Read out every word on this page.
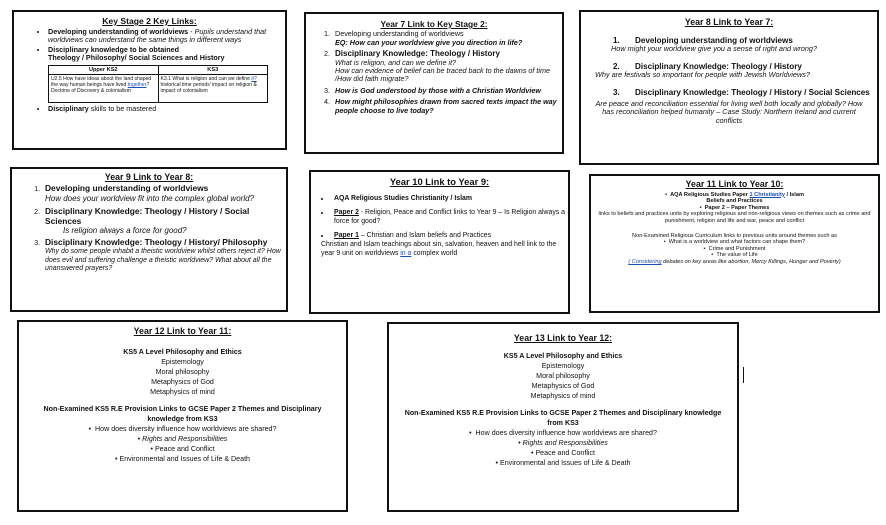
Key Stage 2 Key Links:
• Developing understanding of worldviews - Pupils understand that worldviews can understand the same things in different ways
• Disciplinary knowledge to be obtained
Theology / Philosophy/ Social Sciences and History
Upper KS2	KS3
U2.5 How have ideas about the land shaped the way human beings have lived together? Doctrine of Discovery & colonialism	K3.1 What is religion and can we define it? historical time periods' impact on religion & impact of colonialism
• Disciplinary skills to be mastered
Year 7 Link to Key Stage 2:
1. Developing understanding of worldviews
EQ: How can your worldview give you direction in life?
2. Disciplinary Knowledge: Theology / History
What is religion, and can we define it?
How can evidence of belief can be traced back to the dawns of time /How did faith migrate?
3. How is God understood by those with a Christian Worldview
4. How might philosophies drawn from sacred texts impact the way people choose to live today?
Year 8 Link to Year 7:
1. Developing understanding of worldviews
How might your worldview give you a sense of right and wrong?
2. Disciplinary Knowledge: Theology / History
Why are festivals so important for people with Jewish Worldviews?
3. Disciplinary Knowledge: Theology / History / Social Sciences
Are peace and reconciliation essential for living well both locally and globally? How has reconciliation helped humanity – Case Study: Northern Ireland and current conflicts
Year 9 Link to Year 8:
1. Developing understanding of worldviews
How does your worldview fit into the complex global world?
2. Disciplinary Knowledge: Theology / History / Social Sciences
Is religion always a force for good?
3. Disciplinary Knowledge: Theology / History/ Philosophy
Why do some people inhabit a theistic worldview whilst others reject it? How does evil and suffering challenge a theistic worldview? What about all the unanswered prayers?
Year 10 Link to Year 9:
• AQA Religious Studies Christianity / Islam
• Paper 2 - Religion, Peace and Conflict links to Year 9 – Is Religion always a force for good?
• Paper 1 – Christian and Islam beliefs and Practices
Christian and Islam teachings about sin, salvation, heaven and hell link to the year 9 unit on worldviews in a complex world
Year 11 Link to Year 10:
•  AQA Religious Studies Paper 1 Christianity / Islam
Beliefs and Practices
•  Paper 2 – Paper Themes
links to beliefs and practices units by exploring religious and non-religious views on themes such as crime and punishment, religion and life and war, peace and conflict
Non-Examined Religious Curriculum links to previous units around themes such as
•  What is a worldview and what factors can shape them?
•  Crime and Punishment
•  The value of Life
( Considering debates on key areas like abortion, Mercy Killings, Hunger and Poverty)
Year 12 Link to Year 11:
KS5 A Level Philosophy and Ethics
Epistemology
Moral philosophy
Metaphysics of God
Metaphysics of mind
Non-Examined KS5 R.E Provision Links to GCSE Paper 2 Themes and Disciplinary knowledge from KS3
•  How does diversity influence how worldviews are shared?
• Rights and Responsibilities
• Peace and Conflict
• Environmental and Issues of Life & Death
Year 13 Link to Year 12:
KS5 A Level Philosophy and Ethics
Epistemology
Moral philosophy
Metaphysics of God
Metaphysics of mind
Non-Examined KS5 R.E Provision Links to GCSE Paper 2 Themes and Disciplinary knowledge from KS3
•  How does diversity influence how worldviews are shared?
• Rights and Responsibilities
• Peace and Conflict
• Environmental and Issues of Life & Death
